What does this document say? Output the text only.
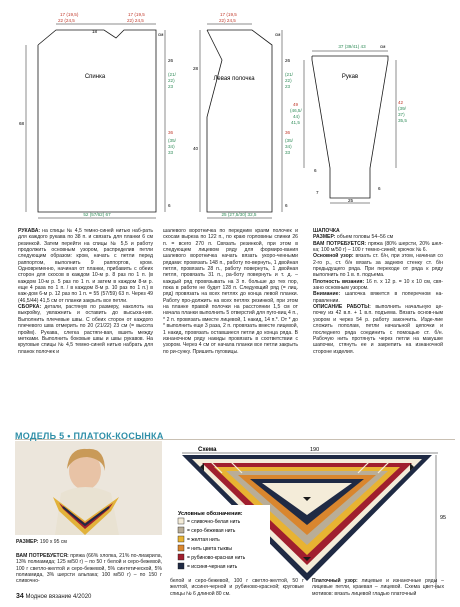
Спинка
17 (19,5)
22 (24,5
18
17 (19,5
22) 24,5
см
68
26
(21/
22)
23
36
(35/
34)
33
6
52 (57/62) 67
Левая полочка
17 (19,5
22) 24,5
см
28
40
26
(21/
22)
23
36
(35/
34)
33
6
25 (27,5/30) 32,5
Рукав
37 (39/41) 43	см
49
(46,5/
44)
41,5
42
(39/
37)
35,5
6
25
6
7

РУКАВА: на спицы № 4,5 темно-синей нитью наб-рать для каждого рукава по 38 п. и связать для планки 6 см резинкой. Затем перейти на спицы № 5,5 и работу продолжить основным узором, распределив петли следующим образом: кром, начать с петли перед раппортом, выполнить 9 раппортов, кром. Одновременно, начиная от планки, прибавить с обеих сторон для скосов в каждом 10-м р. 8 раз по 1 п. (в каждом 10-м р. 5 раз по 1 п. и затем в каждом 8-м р. еще 4 раза по 1 п. / в каждом 8-м р. 10 раз по 1 п.) в каж-дом 6-м р. 12 раз по 1 п. = 55 (57/59) 63 п. Через 49 (46,5/44) 41,5 см от планки закрыть все петли.

СБОРКА: детали, растянув по размеру, наколоть на выкройку, увлажнить и оставить до высыха-ния. Выполнить плечевые швы. С обеих сторон от каждого плечевого шва отмерить по 20 (21/22) 23 см (= высота пройм). Рукава, слегка растяги-вая, вшить между метками. Выполнить боковые швы и швы рукавов. На круговые спицы № 4,5 темно-синей нитью набрать для планок полочек и

шалевого воротничка по передним краям полочек и скосам выреза по 122 п., по краю горловины спинки 26 п. = всего 270 п. Связать резинкой, при этом в следующем лицевом ряду для формиро-вания шалевого воротничка начать вязать укоро-ченными рядами: провязать 148 п., работу по-вернуть, 1 двойная петля, провязать 28 п., работу повернуть, 1 двойная петля, провязать 31 п., ра-боту повернуть и т. д. – каждый ряд провязывать на 3 п. больше до тех пор, пока в работе не будет 128 п. Следующий ряд (= лиц. ряд) провязать на всех петлях до конца левой планки. Работу про-должить на всех петлях резинкой, при этом на планке правой полочки на расстоянии 1,5 см от начала планки выполнить 5 отверстий для пуго-виц 4 п., * 2 п. провязать вместе лицевой, 1 накид, 14 п.*. От * до * выполнить еще 3 раза, 2 п. провязать вместе лицевой, 1 накид, провязать оставшиеся петли до конца ряда. В изнаночном ряду накиды провязать в соответствии с узором. Через 4 см от начала планки все петли закрыть по ри-сунку. Пришить пуговицы.

ШАПОЧКА

РАЗМЕР: объем головы 54–56 см

ВАМ ПОТРЕБУЕТСЯ: пряжа (80% шерсти, 20% шел-ка; 100 м/50 г) – 100 г темно-синей; крючок № 6.

Основной узор: вязать ст. б/н, при этом, начиная со 2-го р., ст. б/н вязать за заднюю стенку ст. б/н предыдущего ряда. При переходе от ряда к ряду выполнить по 1 в. п. подъема.

Плотность вязания: 16 п. x 12 р. = 10 x 10 см, свя-зано основным узором.

Внимание: шапочка вяжется в поперечном на-правлении.

ОПИСАНИЕ РАБОТЫ: выполнить начальную це-почку из 42 в.п. + 1 в.п. подъема. Вязать основ-ным узором и через 54 р. работу закончить. Изде-лие сложить пополам, петли начальной цепочки и последнего ряда соединить с помощью ст. б/н. Рабочую нить протянуть через петли на макушке шапочки, стянуть ее и закрепить на изнаночной стороне изделия.

МОДЕЛЬ 5 • ПЛАТОК-КОСЫНКА
Схема	190
95
Условные обозначения:
= сливочно-белая нить
= серо-бежевая нить
= желтая нить
= нить цвета тыквы
= рубиново-красная нить
= иссиня-черная нить
РАЗМЕР: 190 x 95 см
ВАМ ПОТРЕБУЕТСЯ: пряжа (66% хлопка, 21% по-лиакрила, 13% полиамида; 125 м/50 г) – по 50 г белой и серо-бежевой, 100 г светло-желтой и серо-бежевой, 5% синтетической, 5% полиамида, 3% шерсти альпака; 100 м/50 г) – по 150 г сливочно-	белой и серо-бежевой, 100 г светло-желтой, 50 г желтой, иссиня-черной и рубиново-красной; круговые спицы № 6 длиной 80 см.
Платочный узор: лицевые и изнаночные ряды – лицевые петли, краевая – лицевой. Схема цвет-ных мотивов: вязать лицевой гладью платочный
34 Модное вязание 4/2020
